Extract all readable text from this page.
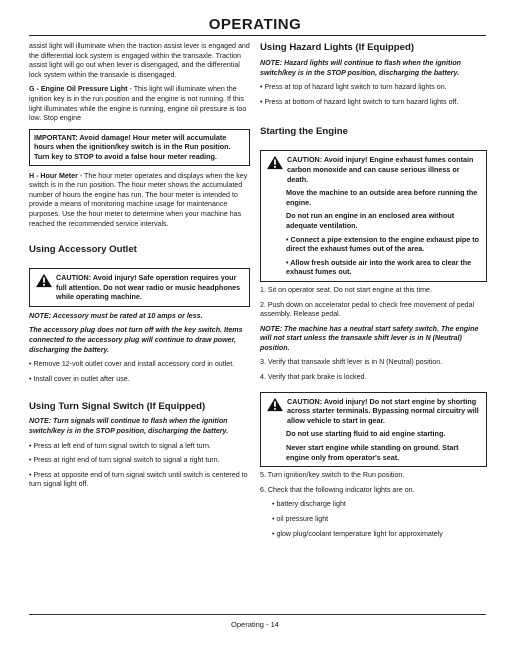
OPERATING

assist light will illuminate when the traction assist lever is engaged and the differential lock system is engaged within the transaxle. Traction assist light will go out when lever is disengaged, and the differential lock system within the transaxle is disengaged.

G - Engine Oil Pressure Light - This light will illuminate when the ignition key is in the run position and the engine is not running. If this light illuminates while the engine is running, engine oil pressure is too low. Stop engine

IMPORTANT: Avoid damage! Hour meter will accumulate hours when the ignition/key switch is in the Run position. Turn key to STOP to avoid a false hour meter reading.

H - Hour Meter - The hour meter operates and displays when the key switch is in the run position. The hour meter shows the accumulated number of hours the engine has run. The hour meter is intended to provide a means of monitoring machine usage for maintenance purposes. Use the hour meter to determine when your machine has reached the recommended service intervals.

Using Accessory Outlet

CAUTION: Avoid injury! Safe operation requires your full attention. Do not wear radio or music headphones while operating machine.

NOTE: Accessory must be rated at 10 amps or less.

The accessory plug does not turn off with the key switch. Items connected to the accessory plug will continue to draw power, discharging the battery.

• Remove 12-volt outlet cover and install accessory cord in outlet.

• Install cover in outlet after use.

Using Turn Signal Switch (If Equipped)

NOTE: Turn signals will continue to flash when the ignition switch/key is in the STOP position, discharging the battery.

• Press at left end of turn signal switch to signal a left turn.

• Press at right end of turn signal switch to signal a right turn.

• Press at opposite end of turn signal switch until switch is centered to turn signal light off.

Using Hazard Lights (If Equipped)

NOTE: Hazard lights will continue to flash when the ignition switch/key is in the STOP position, discharging the battery.

• Press at top of hazard light switch to turn hazard lights on.

• Press at bottom of hazard light switch to turn hazard lights off.

Starting the Engine

CAUTION: Avoid injury! Engine exhaust fumes contain carbon monoxide and can cause serious illness or death.
Move the machine to an outside area before running the engine.
Do not run an engine in an enclosed area without adequate ventilation.
• Connect a pipe extension to the engine exhaust pipe to direct the exhaust fumes out of the area.
• Allow fresh outside air into the work area to clear the exhaust fumes out.

1. Sit on operator seat. Do not start engine at this time.

2. Push down on accelerator pedal to check free movement of pedal assembly. Release pedal.

NOTE: The machine has a neutral start safety switch. The engine will not start unless the transaxle shift lever is in N (Neutral) position.

3. Verify that transaxle shift lever is in N (Neutral) position.

4. Verify that park brake is locked.

CAUTION: Avoid injury! Do not start engine by shorting across starter terminals. Bypassing normal circuitry will allow vehicle to start in gear.
Do not use starting fluid to aid engine starting.
Never start engine while standing on ground. Start engine only from operator's seat.

5. Turn ignition/key switch to the Run position.

6. Check that the following indicator lights are on.

• battery discharge light

• oil pressure light

• glow plug/coolant temperature light for approximately

Operating - 14
